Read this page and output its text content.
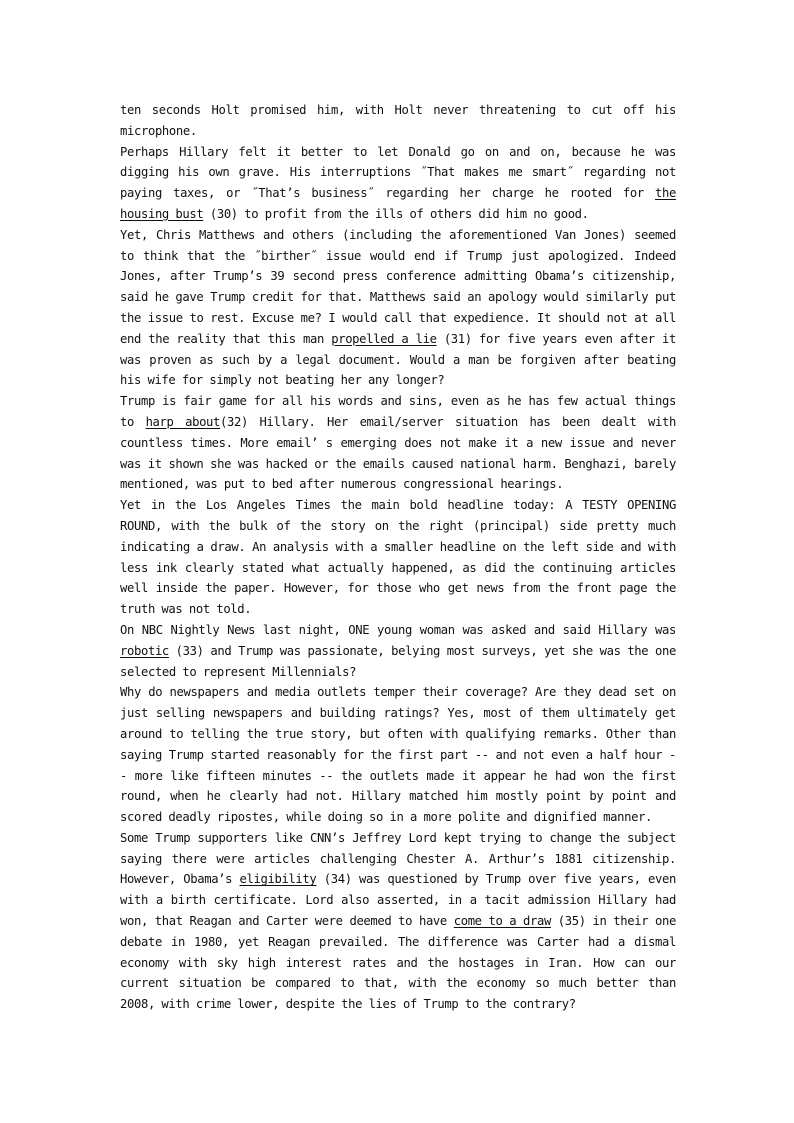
ten seconds Holt promised him, with Holt never threatening to cut off his microphone.

Perhaps Hillary felt it better to let Donald go on and on, because he was digging his own grave. His interruptions ˝That makes me smart˝ regarding not paying taxes, or ˝That’s business˝ regarding her charge he rooted for the housing bust (30) to profit from the ills of others did him no good.

Yet, Chris Matthews and others (including the aforementioned Van Jones) seemed to think that the ˝birther˝ issue would end if Trump just apologized. Indeed Jones, after Trump’s 39 second press conference admitting Obama’s citizenship, said he gave Trump credit for that. Matthews said an apology would similarly put the issue to rest. Excuse me? I would call that expedience. It should not at all end the reality that this man propelled a lie (31) for five years even after it was proven as such by a legal document. Would a man be forgiven after beating his wife for simply not beating her any longer?

Trump is fair game for all his words and sins, even as he has few actual things to harp about(32) Hillary. Her email/server situation has been dealt with countless times. More email’ s emerging does not make it a new issue and never was it shown she was hacked or the emails caused national harm. Benghazi, barely mentioned, was put to bed after numerous congressional hearings.

Yet in the Los Angeles Times the main bold headline today: A TESTY OPENING ROUND, with the bulk of the story on the right (principal) side pretty much indicating a draw. An analysis with a smaller headline on the left side and with less ink clearly stated what actually happened, as did the continuing articles well inside the paper. However, for those who get news from the front page the truth was not told.

On NBC Nightly News last night, ONE young woman was asked and said Hillary was robotic (33) and Trump was passionate, belying most surveys, yet she was the one selected to represent Millennials?

Why do newspapers and media outlets temper their coverage? Are they dead set on just selling newspapers and building ratings? Yes, most of them ultimately get around to telling the true story, but often with qualifying remarks. Other than saying Trump started reasonably for the first part -- and not even a half hour -- more like fifteen minutes -- the outlets made it appear he had won the first round, when he clearly had not. Hillary matched him mostly point by point and scored deadly ripostes, while doing so in a more polite and dignified manner.

Some Trump supporters like CNN’s Jeffrey Lord kept trying to change the subject saying there were articles challenging Chester A. Arthur’s 1881 citizenship. However, Obama’s eligibility (34) was questioned by Trump over five years, even with a birth certificate. Lord also asserted, in a tacit admission Hillary had won, that Reagan and Carter were deemed to have come to a draw (35) in their one debate in 1980, yet Reagan prevailed. The difference was Carter had a dismal economy with sky high interest rates and the hostages in Iran. How can our current situation be compared to that, with the economy so much better than 2008, with crime lower, despite the lies of Trump to the contrary?
